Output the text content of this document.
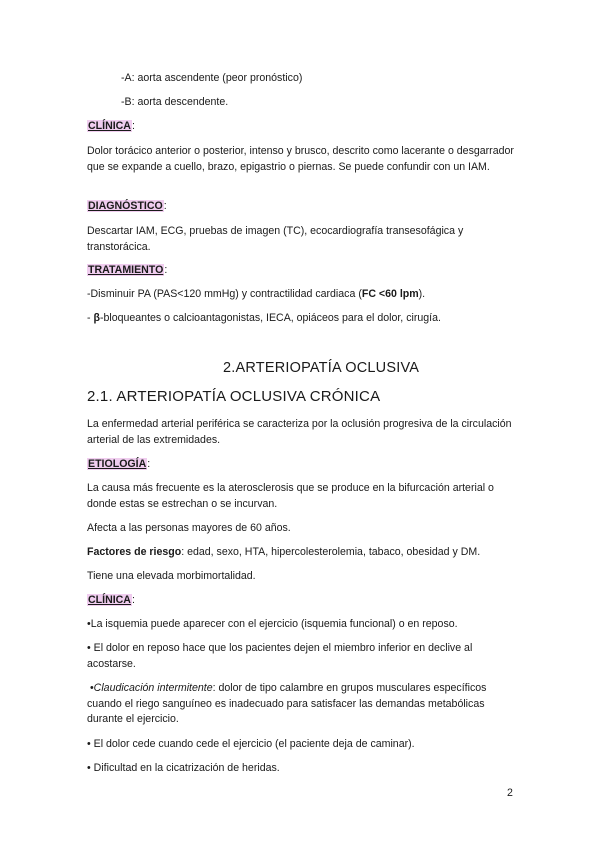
-A: aorta ascendente (peor pronóstico)
-B: aorta descendente.
CLÍNICA:
Dolor torácico anterior o posterior, intenso y brusco, descrito como lacerante o desgarrador que se expande a cuello, brazo, epigastrio o piernas. Se puede confundir con un IAM.
DIAGNÓSTICO:
Descartar IAM, ECG, pruebas de imagen (TC), ecocardiografía transesofágica y transtorácica.
TRATAMIENTO:
-Disminuir PA (PAS<120 mmHg) y contractilidad cardiaca (FC <60 lpm).
- β-bloqueantes o calcioantagonistas, IECA, opiáceos para el dolor, cirugía.
2.ARTERIOPATÍA OCLUSIVA
2.1. ARTERIOPATÍA OCLUSIVA CRÓNICA
La enfermedad arterial periférica se caracteriza por la oclusión progresiva de la circulación arterial de las extremidades.
ETIOLOGÍA:
La causa más frecuente es la aterosclerosis que se produce en la bifurcación arterial o donde estas se estrechan o se incurvan.
Afecta a las personas mayores de 60 años.
Factores de riesgo: edad, sexo, HTA, hipercolesterolemia, tabaco, obesidad y DM.
Tiene una elevada morbimortalidad.
CLÍNICA:
•La isquemia puede aparecer con el ejercicio (isquemia funcional) o en reposo.
• El dolor en reposo hace que los pacientes dejen el miembro inferior en declive al acostarse.
•Claudicación intermitente: dolor de tipo calambre en grupos musculares específicos cuando el riego sanguíneo es inadecuado para satisfacer las demandas metabólicas durante el ejercicio.
• El dolor cede cuando cede el ejercicio (el paciente deja de caminar).
• Dificultad en la cicatrización de heridas.
2
